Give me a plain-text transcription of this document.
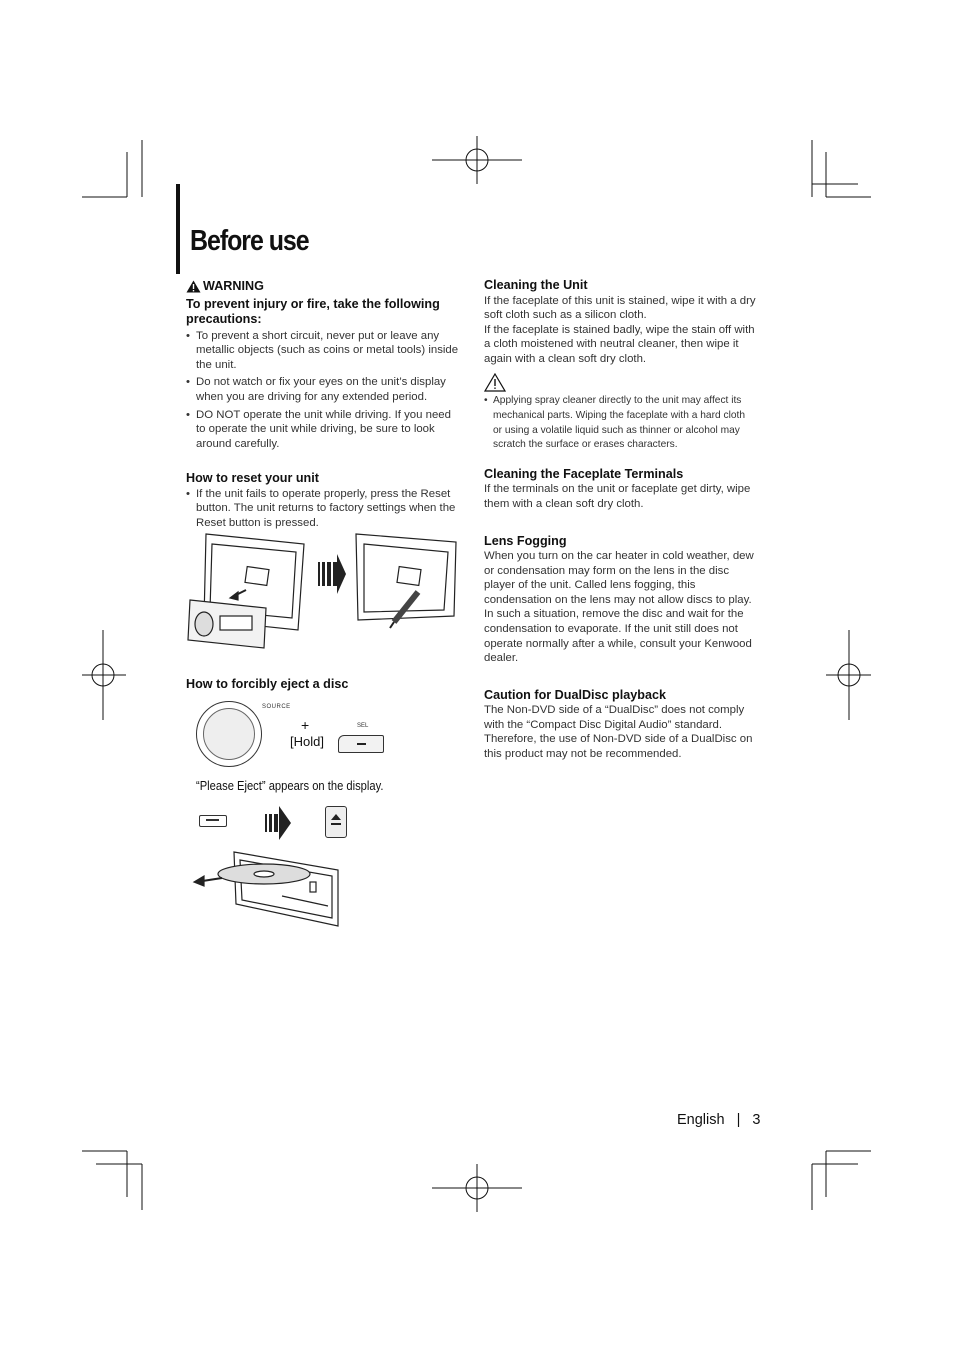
Before use
WARNING
To prevent injury or fire, take the following precautions:

• To prevent a short circuit, never put or leave any metallic objects (such as coins or metal tools) inside the unit.

• Do not watch or fix your eyes on the unit’s display when you are driving for any extended period.

• DO NOT operate the unit while driving. If you need to operate the unit while driving, be sure to look around carefully.

How to reset your unit

• If the unit fails to operate properly, press the Reset button. The unit returns to factory settings when the Reset button is pressed.

How to forcibly eject a disc
SOURCE
+
[Hold]
SEL
“Please Eject” appears on the display.
Cleaning the Unit

If the faceplate of this unit is stained, wipe it with a dry soft cloth such as a silicon cloth.

If the faceplate is stained badly, wipe the stain off with a cloth moistened with neutral cleaner, then wipe it again with a clean soft dry cloth.

• Applying spray cleaner directly to the unit may affect its mechanical parts. Wiping the faceplate with a hard cloth or using a volatile liquid such as thinner or alcohol may scratch the surface or erases characters.

Cleaning the Faceplate Terminals

If the terminals on the unit or faceplate get dirty, wipe them with a clean soft dry cloth.

Lens Fogging

When you turn on the car heater in cold weather, dew or condensation may form on the lens in the disc player of the unit. Called lens fogging, this condensation on the lens may not allow discs to play. In such a situation, remove the disc and wait for the condensation to evaporate. If the unit still does not operate normally after a while, consult your Kenwood dealer.

Caution for DualDisc playback

The Non-DVD side of a “DualDisc” does not comply with the “Compact Disc Digital Audio” standard. Therefore, the use of Non-DVD side of a DualDisc on this product may not be recommended.

English | 3
